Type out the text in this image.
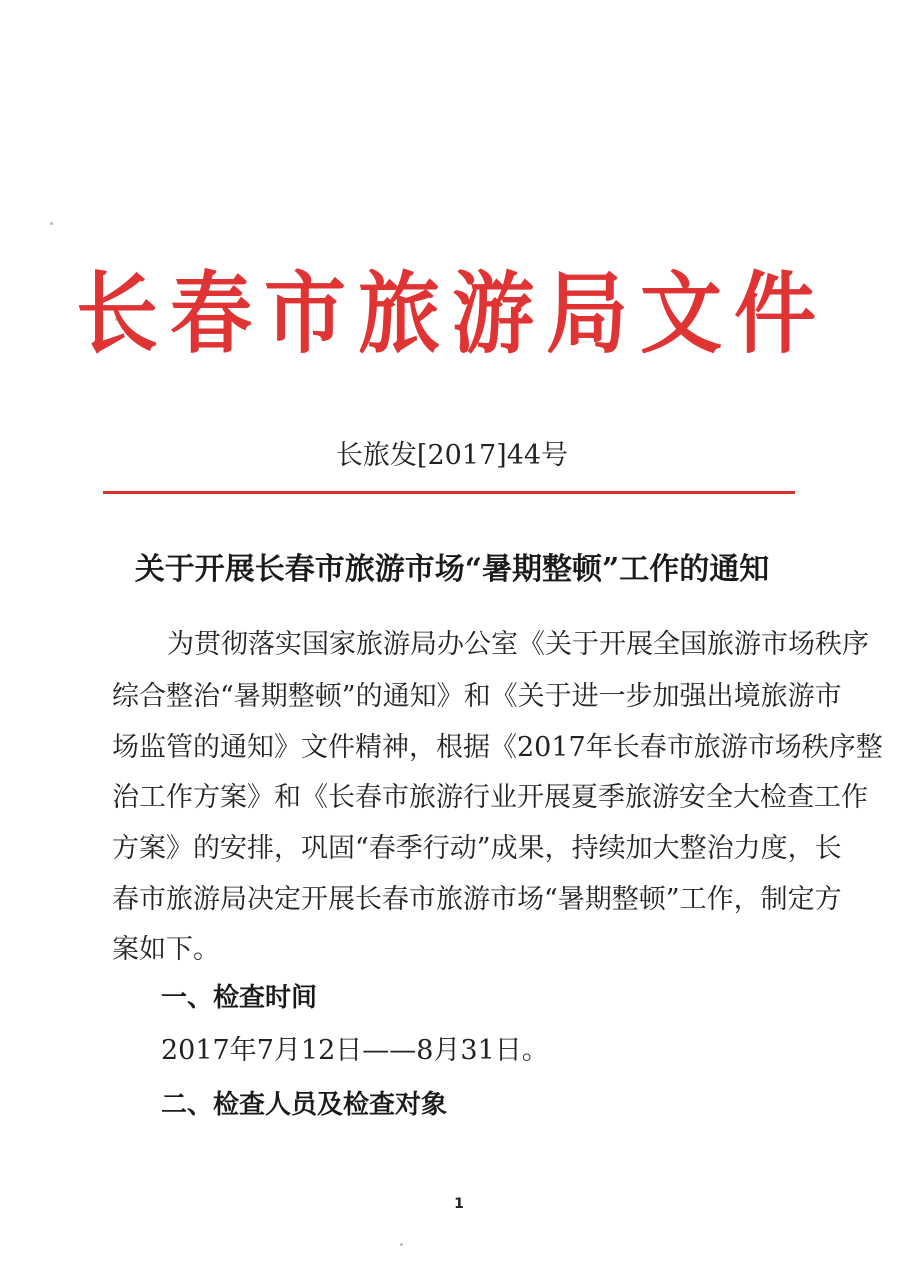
长春市旅游局文件
长旅发[2017]44号
关于开展长春市旅游市场“暑期整顿”工作的通知
为贯彻落实国家旅游局办公室《关于开展全国旅游市场秩序
综合整治“暑期整顿”的通知》和《关于进一步加强出境旅游市
场监管的通知》文件精神，根据《2017年长春市旅游市场秩序整
治工作方案》和《长春市旅游行业开展夏季旅游安全大检查工作
方案》的安排，巩固“春季行动”成果，持续加大整治力度，长
春市旅游局决定开展长春市旅游市场“暑期整顿”工作，制定方
案如下。
一、检查时间
2017年7月12日——8月31日。
二、检查人员及检查对象
1
